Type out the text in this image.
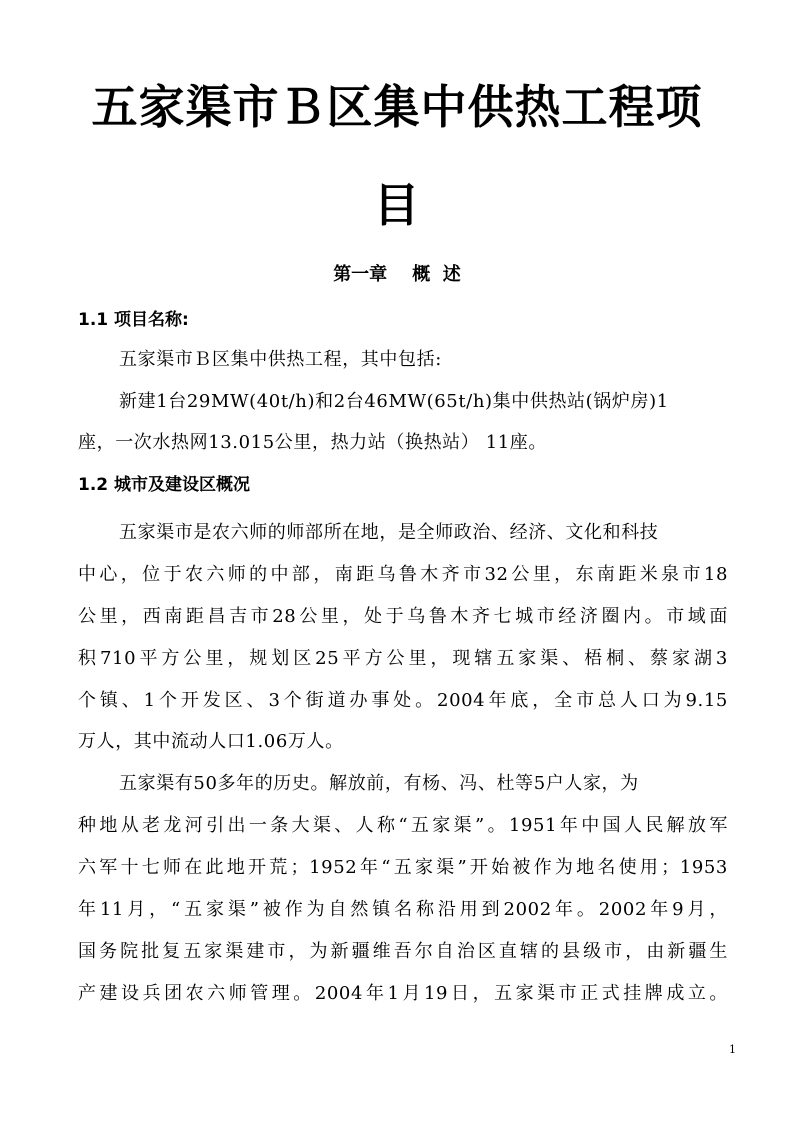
五家渠市Ｂ区集中供热工程项
目
第一章    概  述
1.1 项目名称:

五家渠市Ｂ区集中供热工程，其中包括:

新建1台29MW(40t/h)和2台46MW(65t/h)集中供热站(锅炉房)1

座，一次水热网13.015公里，热力站（换热站） 11座。

1.2 城市及建设区概况

五家渠市是农六师的师部所在地，是全师政治、经济、文化和科技

中心，位于农六师的中部，南距乌鲁木齐市32公里，东南距米泉市18

公里，西南距昌吉市28公里，处于乌鲁木齐七城市经济圈内。市域面

积710平方公里，规划区25平方公里，现辖五家渠、梧桐、蔡家湖3

个镇、1个开发区、3个街道办事处。2004年底，全市总人口为9.15

万人，其中流动人口1.06万人。

五家渠有50多年的历史。解放前，有杨、冯、杜等5户人家，为

种地从老龙河引出一条大渠、人称“五家渠”。1951年中国人民解放军

六军十七师在此地开荒；1952年“五家渠”开始被作为地名使用；1953

年11月，“五家渠”被作为自然镇名称沿用到2002年。2002年9月，

国务院批复五家渠建市，为新疆维吾尔自治区直辖的县级市，由新疆生

产建设兵团农六师管理。2004年1月19日，五家渠市正式挂牌成立。

1
